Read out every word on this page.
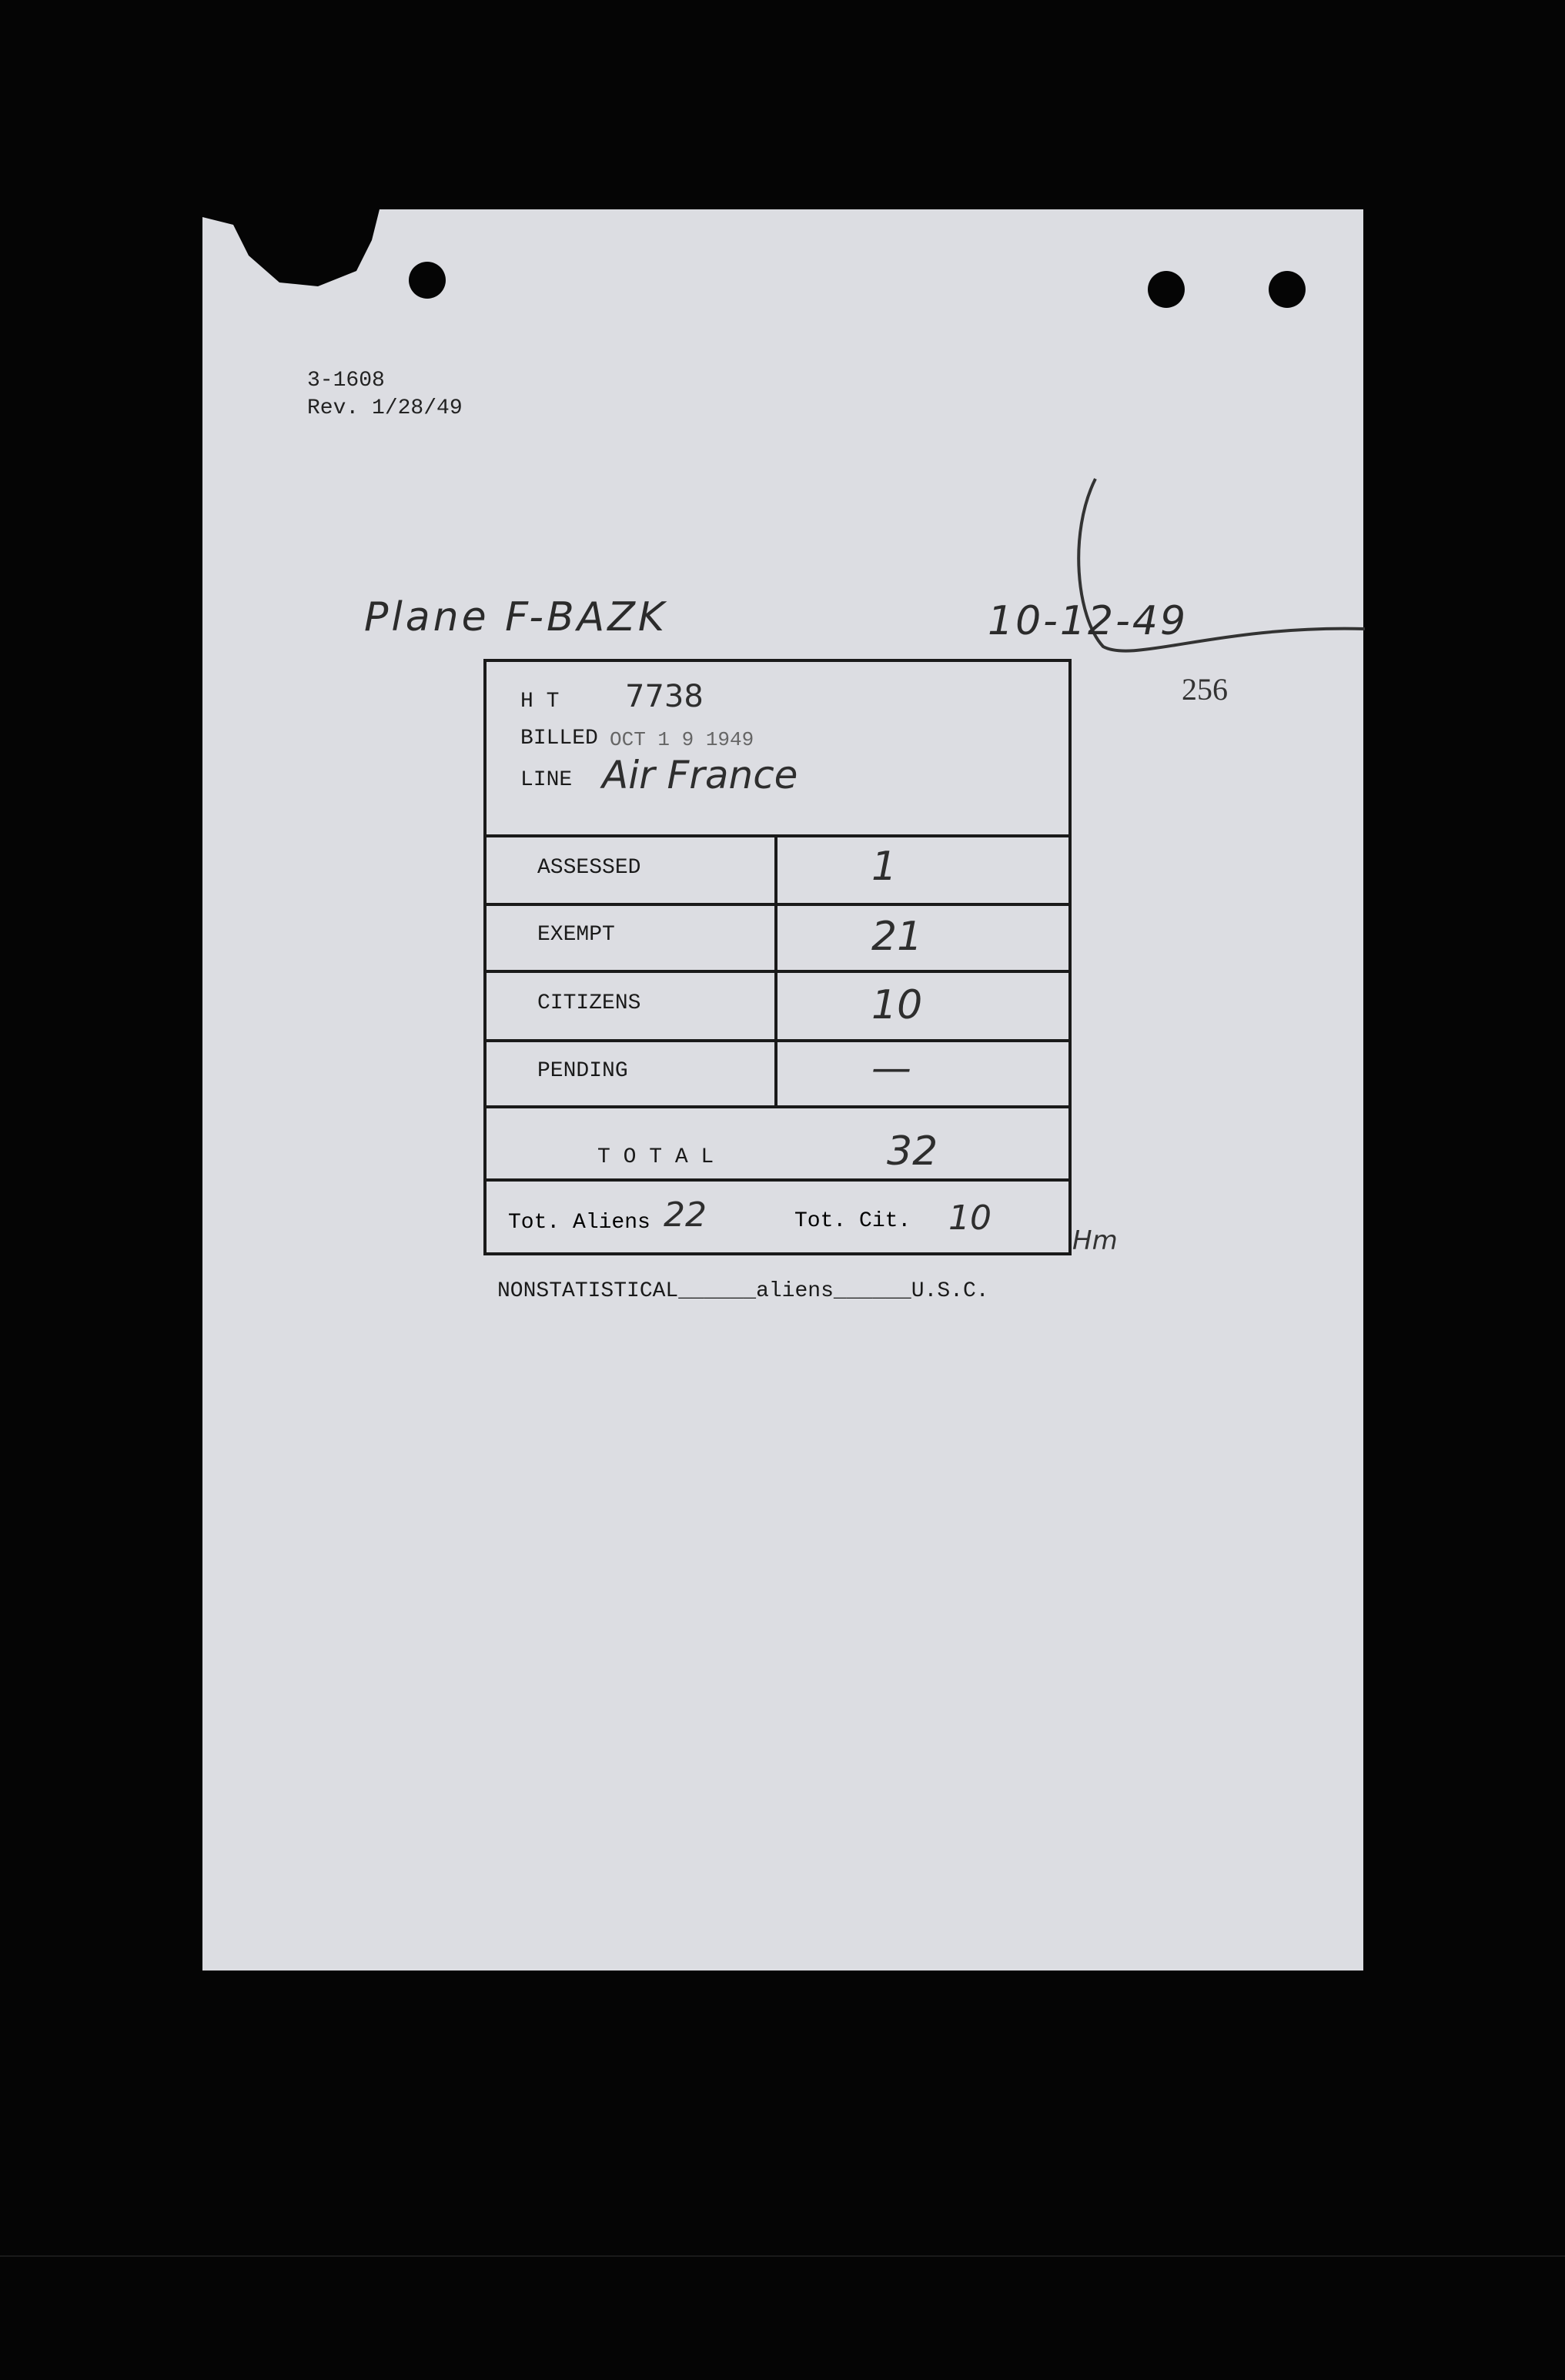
3-1608
Rev. 1/28/49
Plane F-BAZK	10-12-49
256
H T 7738
BILLED OCT 1 9 1949
LINE Air France
ASSESSED	1
EXEMPT	21
CITIZENS	10
PENDING	—
T O T A L	32
Tot. Aliens 22	Tot. Cit. 10
Hm
NONSTATISTICAL______aliens______U.S.C.
